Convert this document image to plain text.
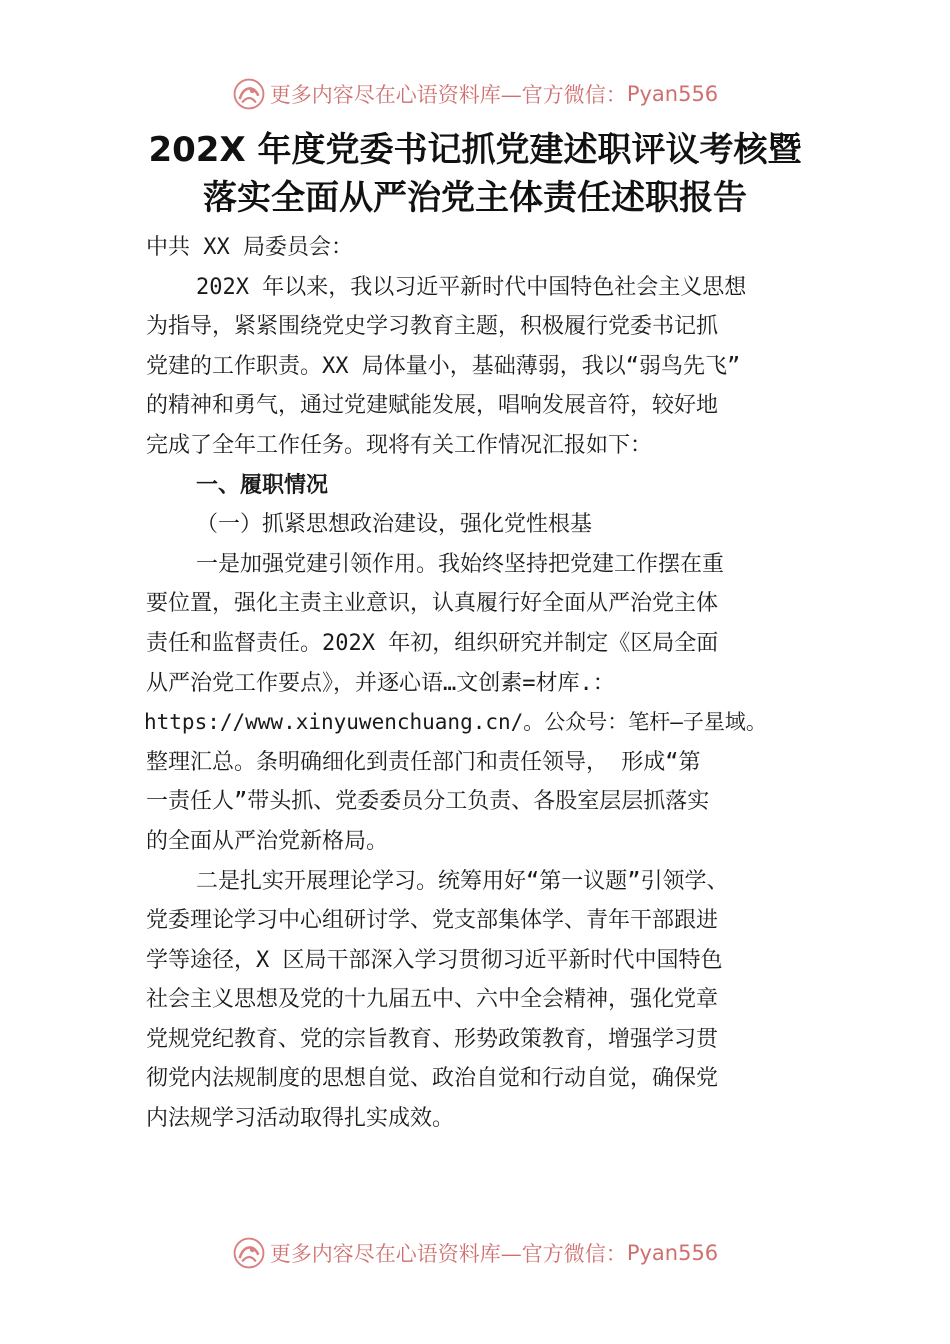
更多内容尽在心语资料库—官方微信： Pyan556
202X 年度党委书记抓党建述职评议考核暨
落实全面从严治党主体责任述职报告
中共 XX 局委员会：
202X 年以来，我以习近平新时代中国特色社会主义思想
为指导，紧紧围绕党史学习教育主题，积极履行党委书记抓
党建的工作职责。XX 局体量小，基础薄弱，我以“弱鸟先飞”
的精神和勇气，通过党建赋能发展，唱响发展音符，较好地
完成了全年工作任务。现将有关工作情况汇报如下：
一、履职情况
（一）抓紧思想政治建设，强化党性根基
一是加强党建引领作用。我始终坚持把党建工作摆在重
要位置，强化主责主业意识，认真履行好全面从严治党主体
责任和监督责任。202X 年初，组织研究并制定《区局全面
从严治党工作要点》，并逐心语…文创素=材库.：
https://www.xinyuwenchuang.cn/。公众号：笔杆—子星域。
整理汇总。条明确细化到责任部门和责任领导， 形成“第
一责任人”带头抓、党委委员分工负责、各股室层层抓落实
的全面从严治党新格局。
二是扎实开展理论学习。统筹用好“第一议题”引领学、
党委理论学习中心组研讨学、党支部集体学、青年干部跟进
学等途径，X 区局干部深入学习贯彻习近平新时代中国特色
社会主义思想及党的十九届五中、六中全会精神，强化党章
党规党纪教育、党的宗旨教育、形势政策教育，增强学习贯
彻党内法规制度的思想自觉、政治自觉和行动自觉，确保党
内法规学习活动取得扎实成效。
更多内容尽在心语资料库—官方微信： Pyan556
